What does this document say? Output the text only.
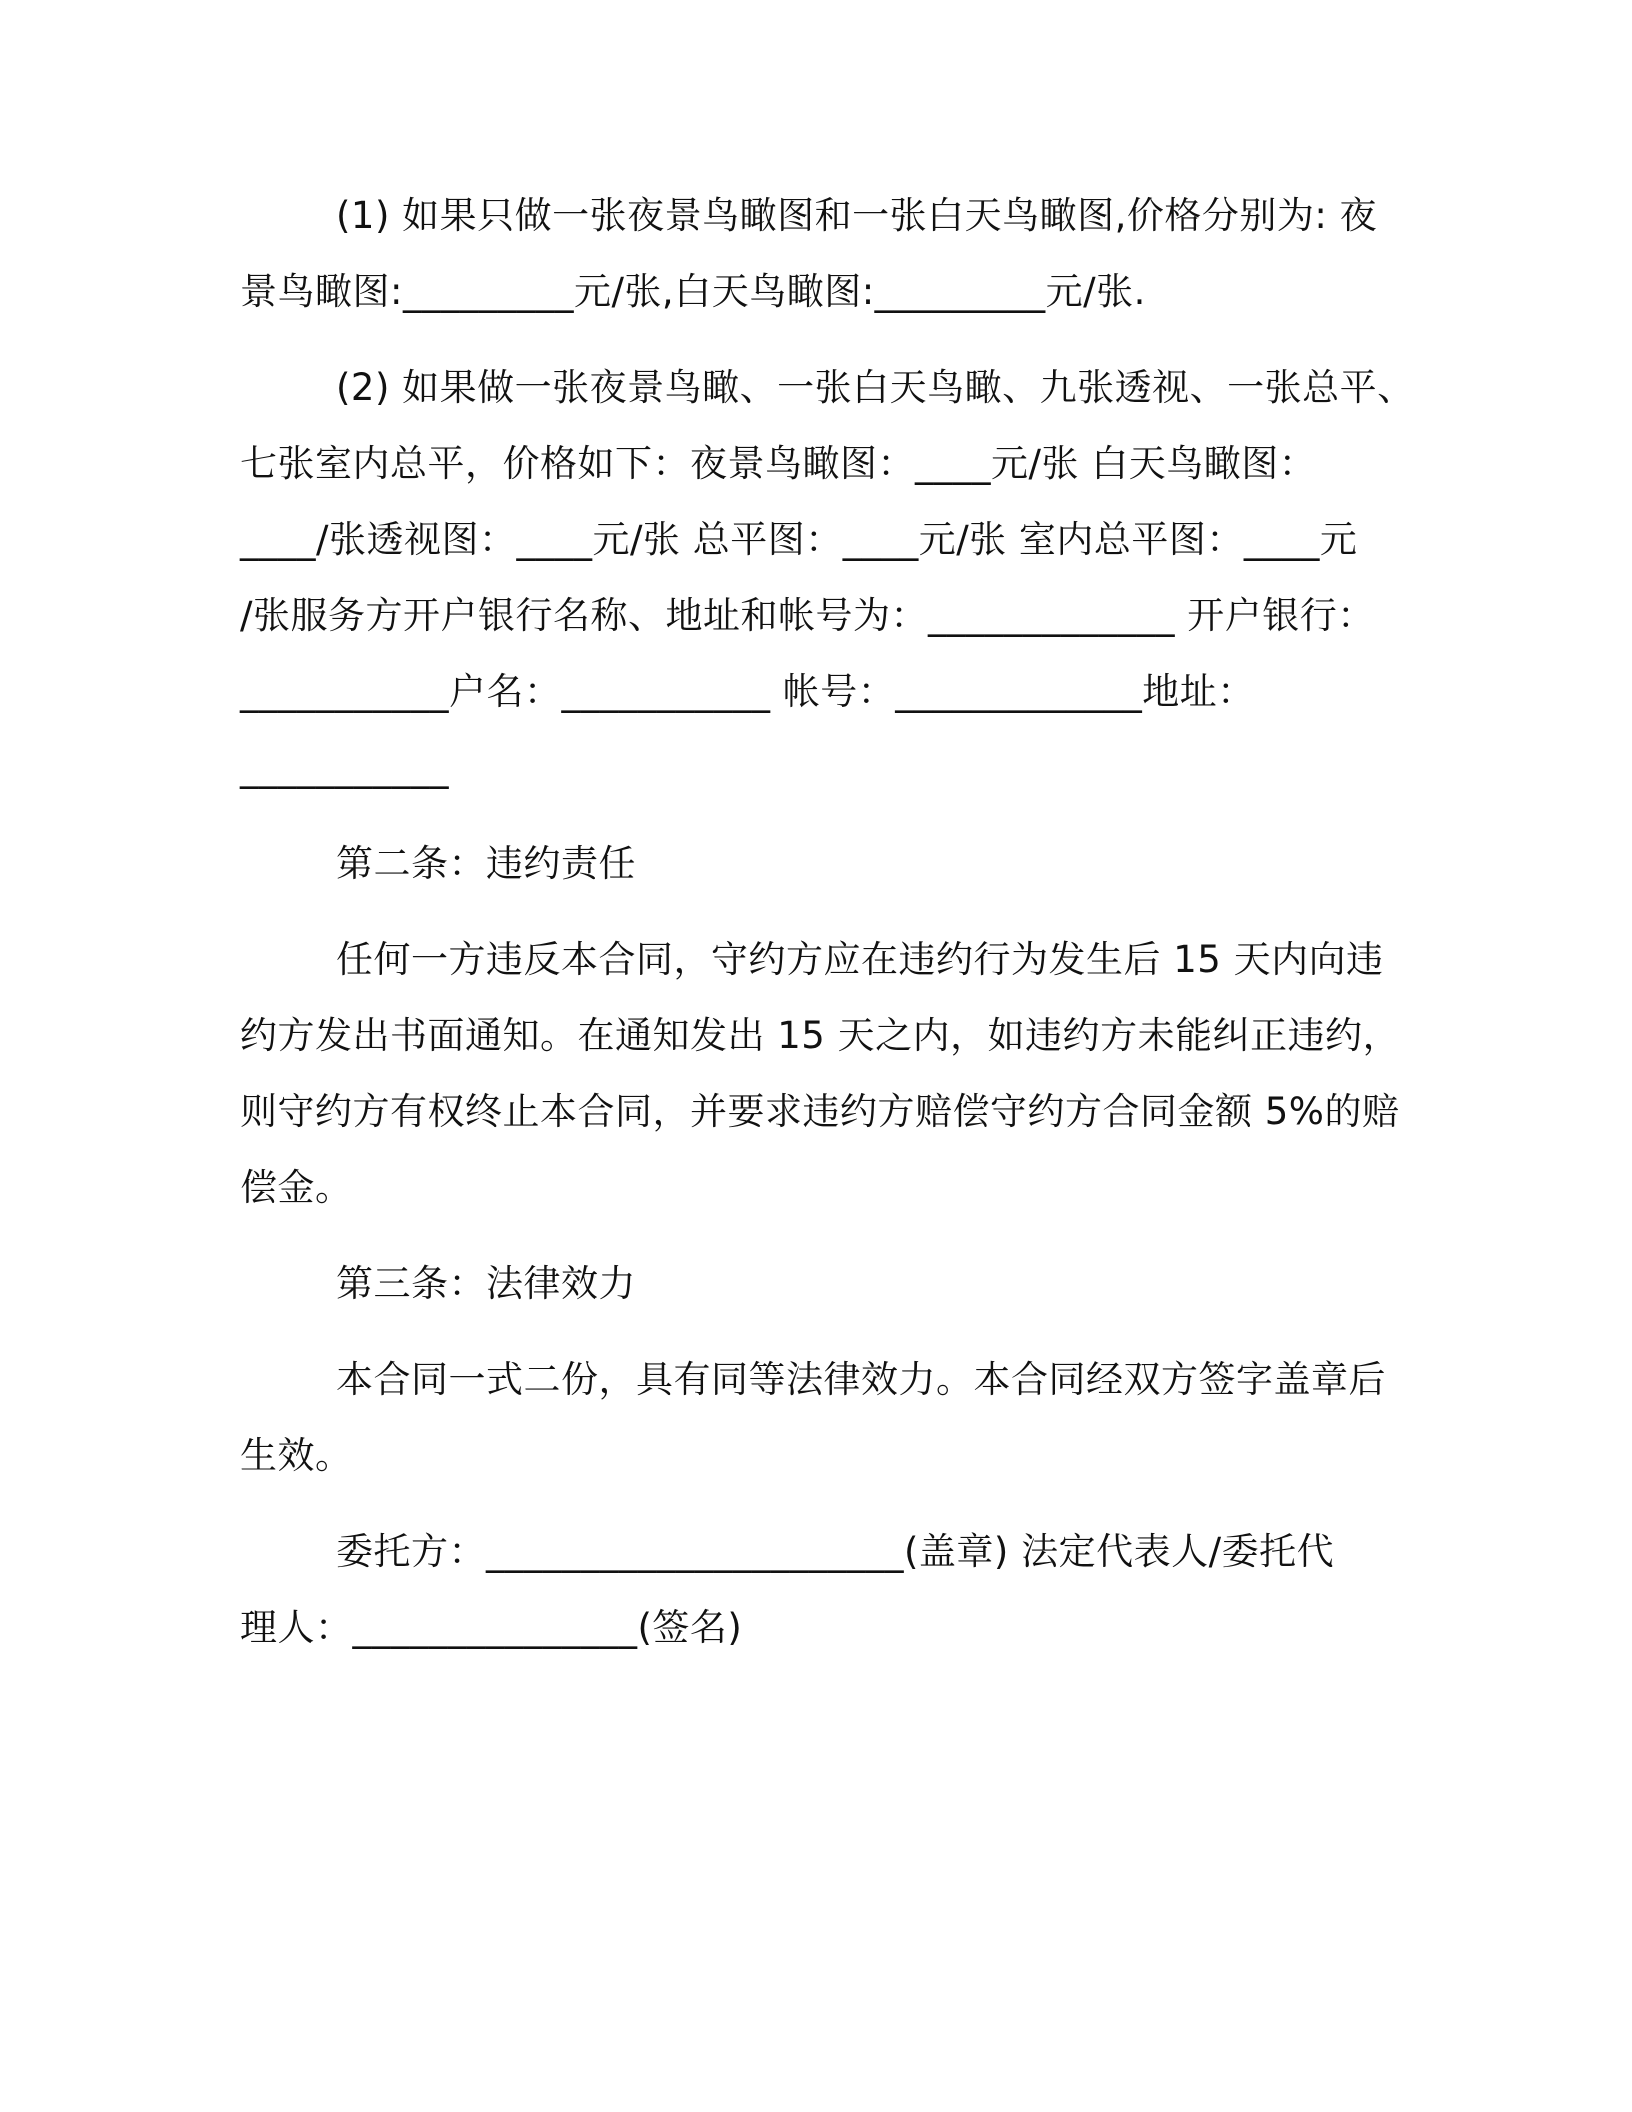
(1) 如果只做一张夜景鸟瞰图和一张白天鸟瞰图,价格分别为: 夜
景鸟瞰图:_________元/张,白天鸟瞰图:_________元/张.
(2) 如果做一张夜景鸟瞰、一张白天鸟瞰、九张透视、一张总平、
七张室内总平，价格如下：夜景鸟瞰图：____元/张 白天鸟瞰图：
____/张透视图：____元/张 总平图：____元/张 室内总平图：____元
/张服务方开户银行名称、地址和帐号为：_____________ 开户银行：
___________户名：___________ 帐号：_____________地址：
___________
第二条：违约责任
任何一方违反本合同，守约方应在违约行为发生后 15 天内向违
约方发出书面通知。在通知发出 15 天之内，如违约方未能纠正违约，
则守约方有权终止本合同，并要求违约方赔偿守约方合同金额 5%的赔
偿金。
第三条：法律效力
本合同一式二份，具有同等法律效力。本合同经双方签字盖章后
生效。
委托方：______________________(盖章) 法定代表人/委托代
理人：_______________(签名)
